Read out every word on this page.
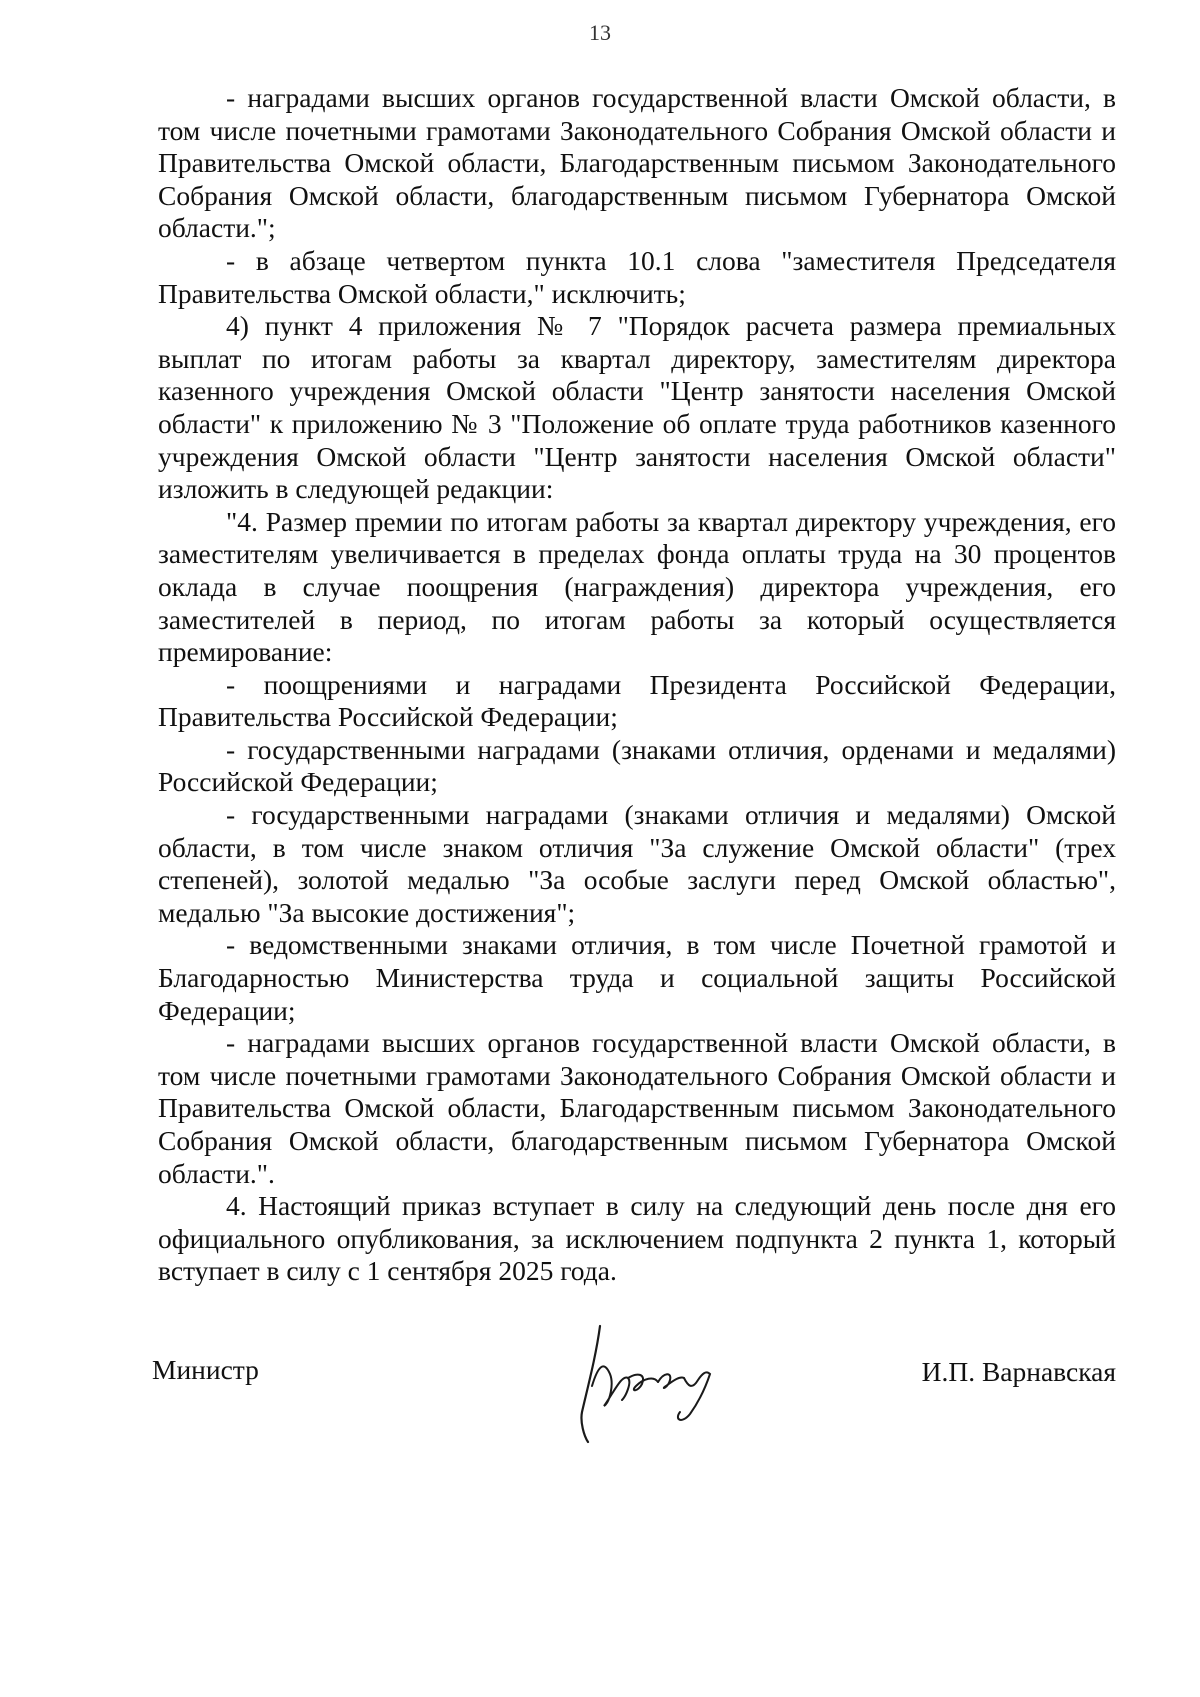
13

- наградами высших органов государственной власти Омской области, в том числе почетными грамотами Законодательного Собрания Омской области и Правительства Омской области, Благодарственным письмом Законодательного Собрания Омской области, благодарственным письмом Губернатора Омской области.";

- в абзаце четвертом пункта 10.1 слова "заместителя Председателя Правительства Омской области," исключить;

4) пункт 4 приложения № 7 "Порядок расчета размера премиальных выплат по итогам работы за квартал директору, заместителям директора казенного учреждения Омской области "Центр занятости населения Омской области" к приложению № 3 "Положение об оплате труда работников казенного учреждения Омской области "Центр занятости населения Омской области" изложить в следующей редакции:

"4. Размер премии по итогам работы за квартал директору учреждения, его заместителям увеличивается в пределах фонда оплаты труда на 30 процентов оклада в случае поощрения (награждения) директора учреждения, его заместителей в период, по итогам работы за который осуществляется премирование:

- поощрениями и наградами Президента Российской Федерации, Правительства Российской Федерации;

- государственными наградами (знаками отличия, орденами и медалями) Российской Федерации;

- государственными наградами (знаками отличия и медалями) Омской области, в том числе знаком отличия "За служение Омской области" (трех степеней), золотой медалью "За особые заслуги перед Омской областью", медалью "За высокие достижения";

- ведомственными знаками отличия, в том числе Почетной грамотой и Благодарностью Министерства труда и социальной защиты Российской Федерации;

- наградами высших органов государственной власти Омской области, в том числе почетными грамотами Законодательного Собрания Омской области и Правительства Омской области, Благодарственным письмом Законодательного Собрания Омской области, благодарственным письмом Губернатора Омской области.".

4. Настоящий приказ вступает в силу на следующий день после дня его официального опубликования, за исключением подпункта 2 пункта 1, который вступает в силу с 1 сентября 2025 года.

Министр	И.П. Варнавская
